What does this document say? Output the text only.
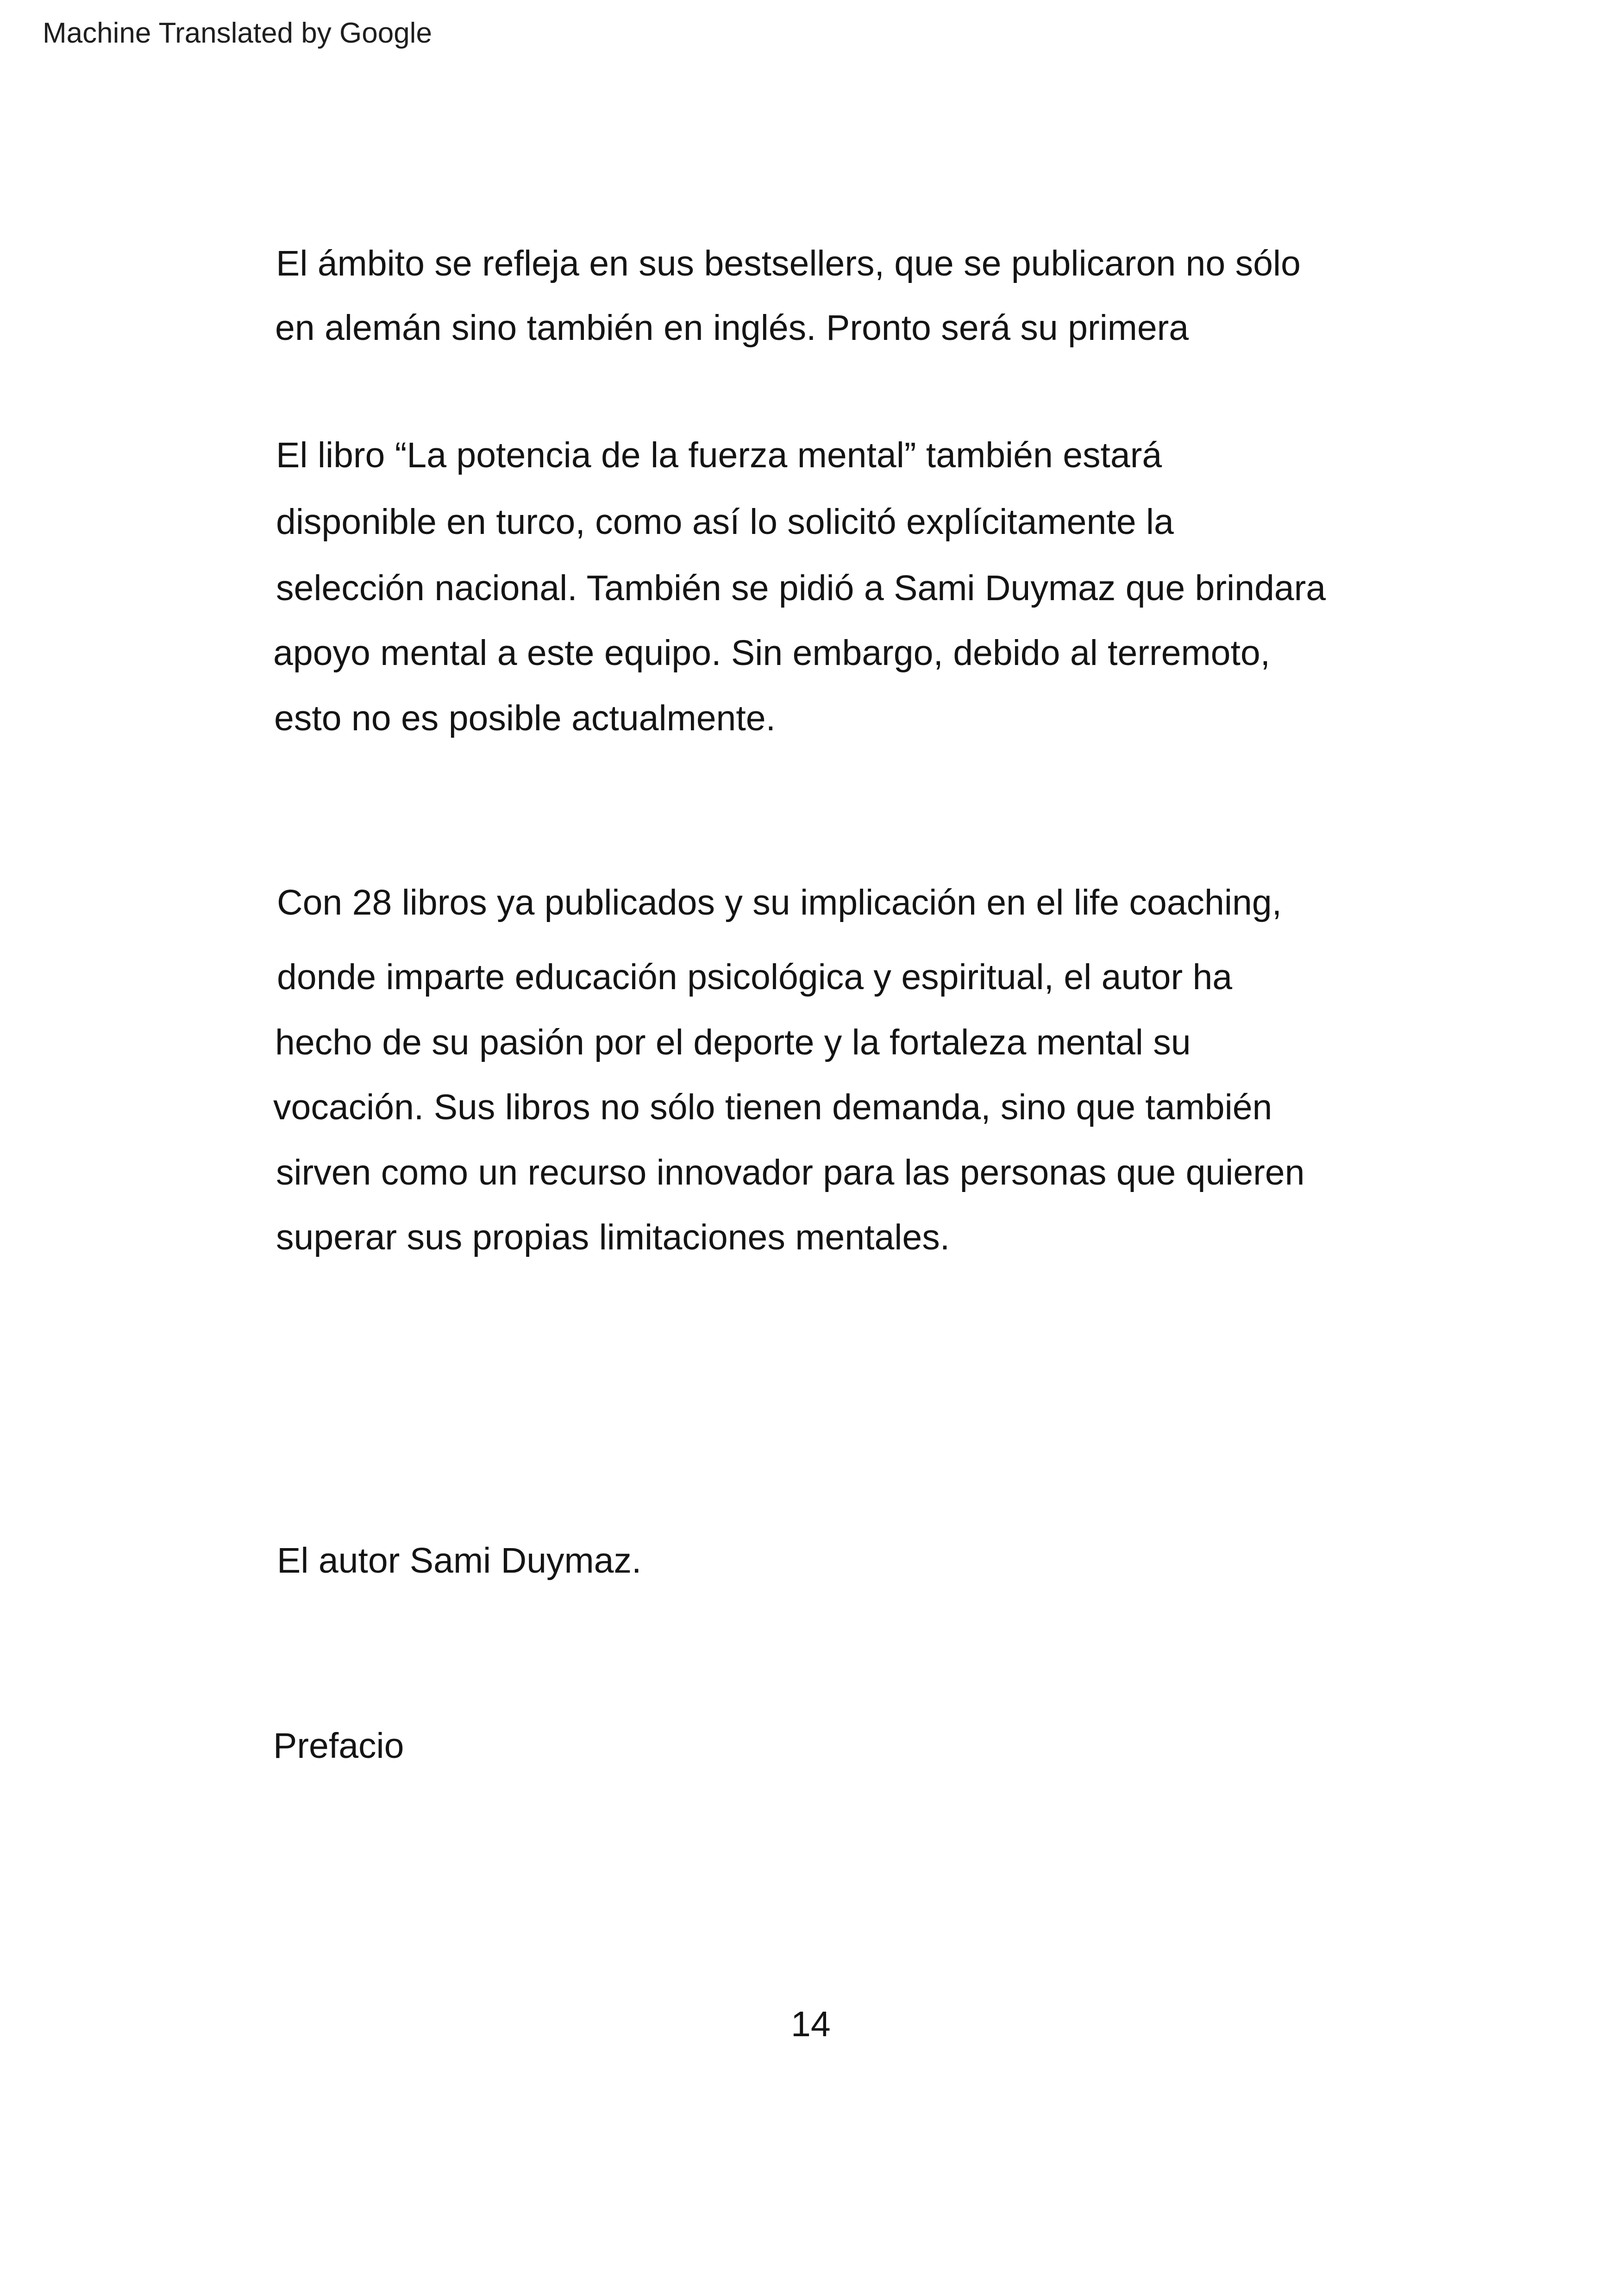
Machine Translated by Google
El ámbito se refleja en sus bestsellers, que se publicaron no sólo
en alemán sino también en inglés. Pronto será su primera
El libro “La potencia de la fuerza mental” también estará
disponible en turco, como así lo solicitó explícitamente la
selección nacional. También se pidió a Sami Duymaz que brindara
apoyo mental a este equipo. Sin embargo, debido al terremoto,
esto no es posible actualmente.
Con 28 libros ya publicados y su implicación en el life coaching,
donde imparte educación psicológica y espiritual, el autor ha
hecho de su pasión por el deporte y la fortaleza mental su
vocación. Sus libros no sólo tienen demanda, sino que también
sirven como un recurso innovador para las personas que quieren
superar sus propias limitaciones mentales.
El autor Sami Duymaz.
Prefacio
14
